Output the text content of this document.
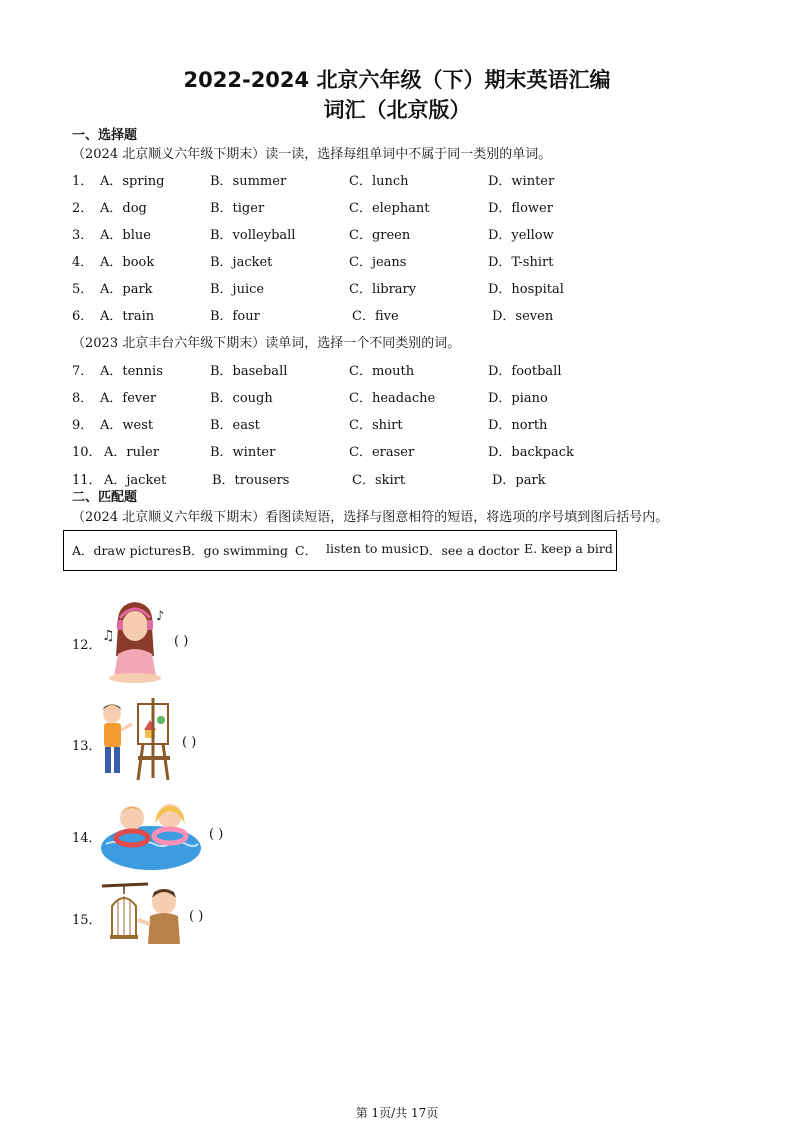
2022-2024 北京六年级（下）期末英语汇编
词汇（北京版）
一、选择题
（2024 北京顺义六年级下期末）读一读，选择每组单词中不属于同一类别的单词。
1． A．spring	B．summer	C．lunch	D．winter
2． A．dog	B．tiger	C．elephant	D．flower
3． A．blue	B．volleyball	C．green	D．yellow
4． A．book	B．jacket	C．jeans	D．T-shirt
5． A．park	B．juice	C．library	D．hospital
6． A．train	B．four	C．five	D．seven
（2023 北京丰台六年级下期末）读单词，选择一个不同类别的词。
7． A．tennis	B．baseball	C．mouth	D．football
8． A．fever	B．cough	C．headache	D．piano
9． A．west	B．east	C．shirt	D．north
10． A．ruler	B．winter	C．eraser	D．backpack
11． A．jacket	B．trousers	C．skirt	D．park
二、匹配题
（2024 北京顺义六年级下期末）看图读短语，选择与图意相符的短语，将选项的序号填到图后括号内。
A．draw pictures B．go swimming C． listen to music D．see a doctor E. keep a bird
12．
♫
♪
( )
13．	( )
14．	( )
15．	( )
第 1页/共 17页
